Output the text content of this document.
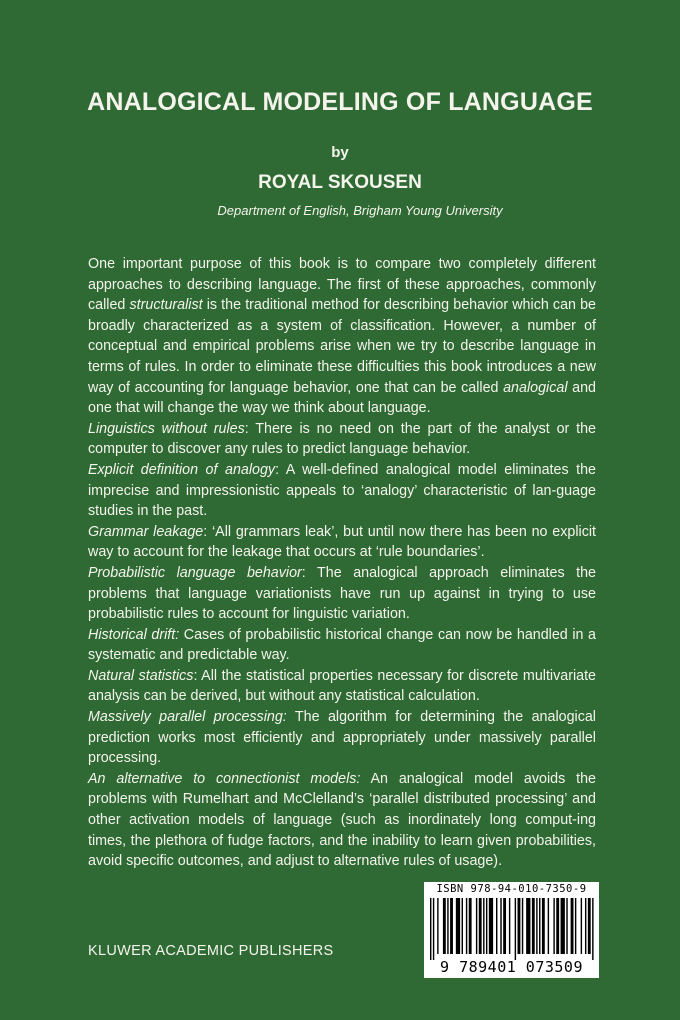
ANALOGICAL MODELING OF LANGUAGE
by
ROYAL SKOUSEN
Department of English, Brigham Young University

One important purpose of this book is to compare two completely different approaches to describing language. The first of these approaches, commonly called structuralist is the traditional method for describing behavior which can be broadly characterized as a system of classification. However, a number of conceptual and empirical problems arise when we try to describe language in terms of rules. In order to eliminate these difficulties this book introduces a new way of accounting for language behavior, one that can be called analogical and one that will change the way we think about language.

Linguistics without rules: There is no need on the part of the analyst or the computer to discover any rules to predict language behavior.

Explicit definition of analogy: A well-defined analogical model eliminates the imprecise and impressionistic appeals to ‘analogy’ characteristic of lan-guage studies in the past.

Grammar leakage: ‘All grammars leak’, but until now there has been no explicit way to account for the leakage that occurs at ‘rule boundaries’.

Probabilistic language behavior: The analogical approach eliminates the problems that language variationists have run up against in trying to use probabilistic rules to account for linguistic variation.

Historical drift: Cases of probabilistic historical change can now be handled in a systematic and predictable way.

Natural statistics: All the statistical properties necessary for discrete multivariate analysis can be derived, but without any statistical calculation.

Massively parallel processing: The algorithm for determining the analogical prediction works most efficiently and appropriately under massively parallel processing.

An alternative to connectionist models: An analogical model avoids the problems with Rumelhart and McClelland’s ‘parallel distributed processing’ and other activation models of language (such as inordinately long comput-ing times, the plethora of fudge factors, and the inability to learn given probabilities, avoid specific outcomes, and adjust to alternative rules of usage).

KLUWER ACADEMIC PUBLISHERS
ISBN 978-94-010-7350-9
9 789401 073509
